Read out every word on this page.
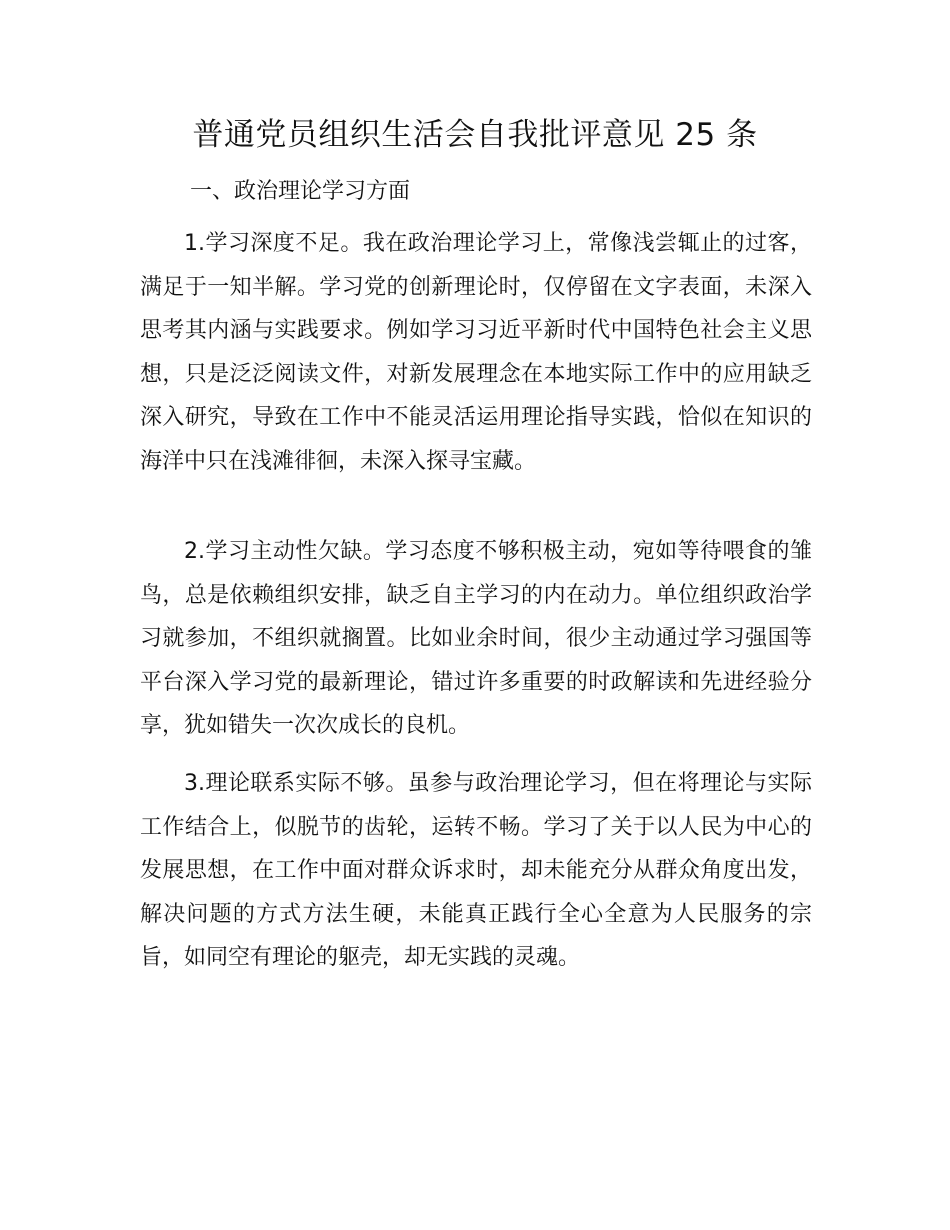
普通党员组织生活会自我批评意见 25 条
一、政治理论学习方面

1.学习深度不足。我在政治理论学习上，常像浅尝辄止的过客，满足于一知半解。学习党的创新理论时，仅停留在文字表面，未深入思考其内涵与实践要求。例如学习习近平新时代中国特色社会主义思想，只是泛泛阅读文件，对新发展理念在本地实际工作中的应用缺乏深入研究，导致在工作中不能灵活运用理论指导实践，恰似在知识的海洋中只在浅滩徘徊，未深入探寻宝藏。

2.学习主动性欠缺。学习态度不够积极主动，宛如等待喂食的雏鸟，总是依赖组织安排，缺乏自主学习的内在动力。单位组织政治学习就参加，不组织就搁置。比如业余时间，很少主动通过学习强国等平台深入学习党的最新理论，错过许多重要的时政解读和先进经验分享，犹如错失一次次成长的良机。

3.理论联系实际不够。虽参与政治理论学习，但在将理论与实际工作结合上，似脱节的齿轮，运转不畅。学习了关于以人民为中心的发展思想，在工作中面对群众诉求时，却未能充分从群众角度出发，解决问题的方式方法生硬，未能真正践行全心全意为人民服务的宗旨，如同空有理论的躯壳，却无实践的灵魂。
